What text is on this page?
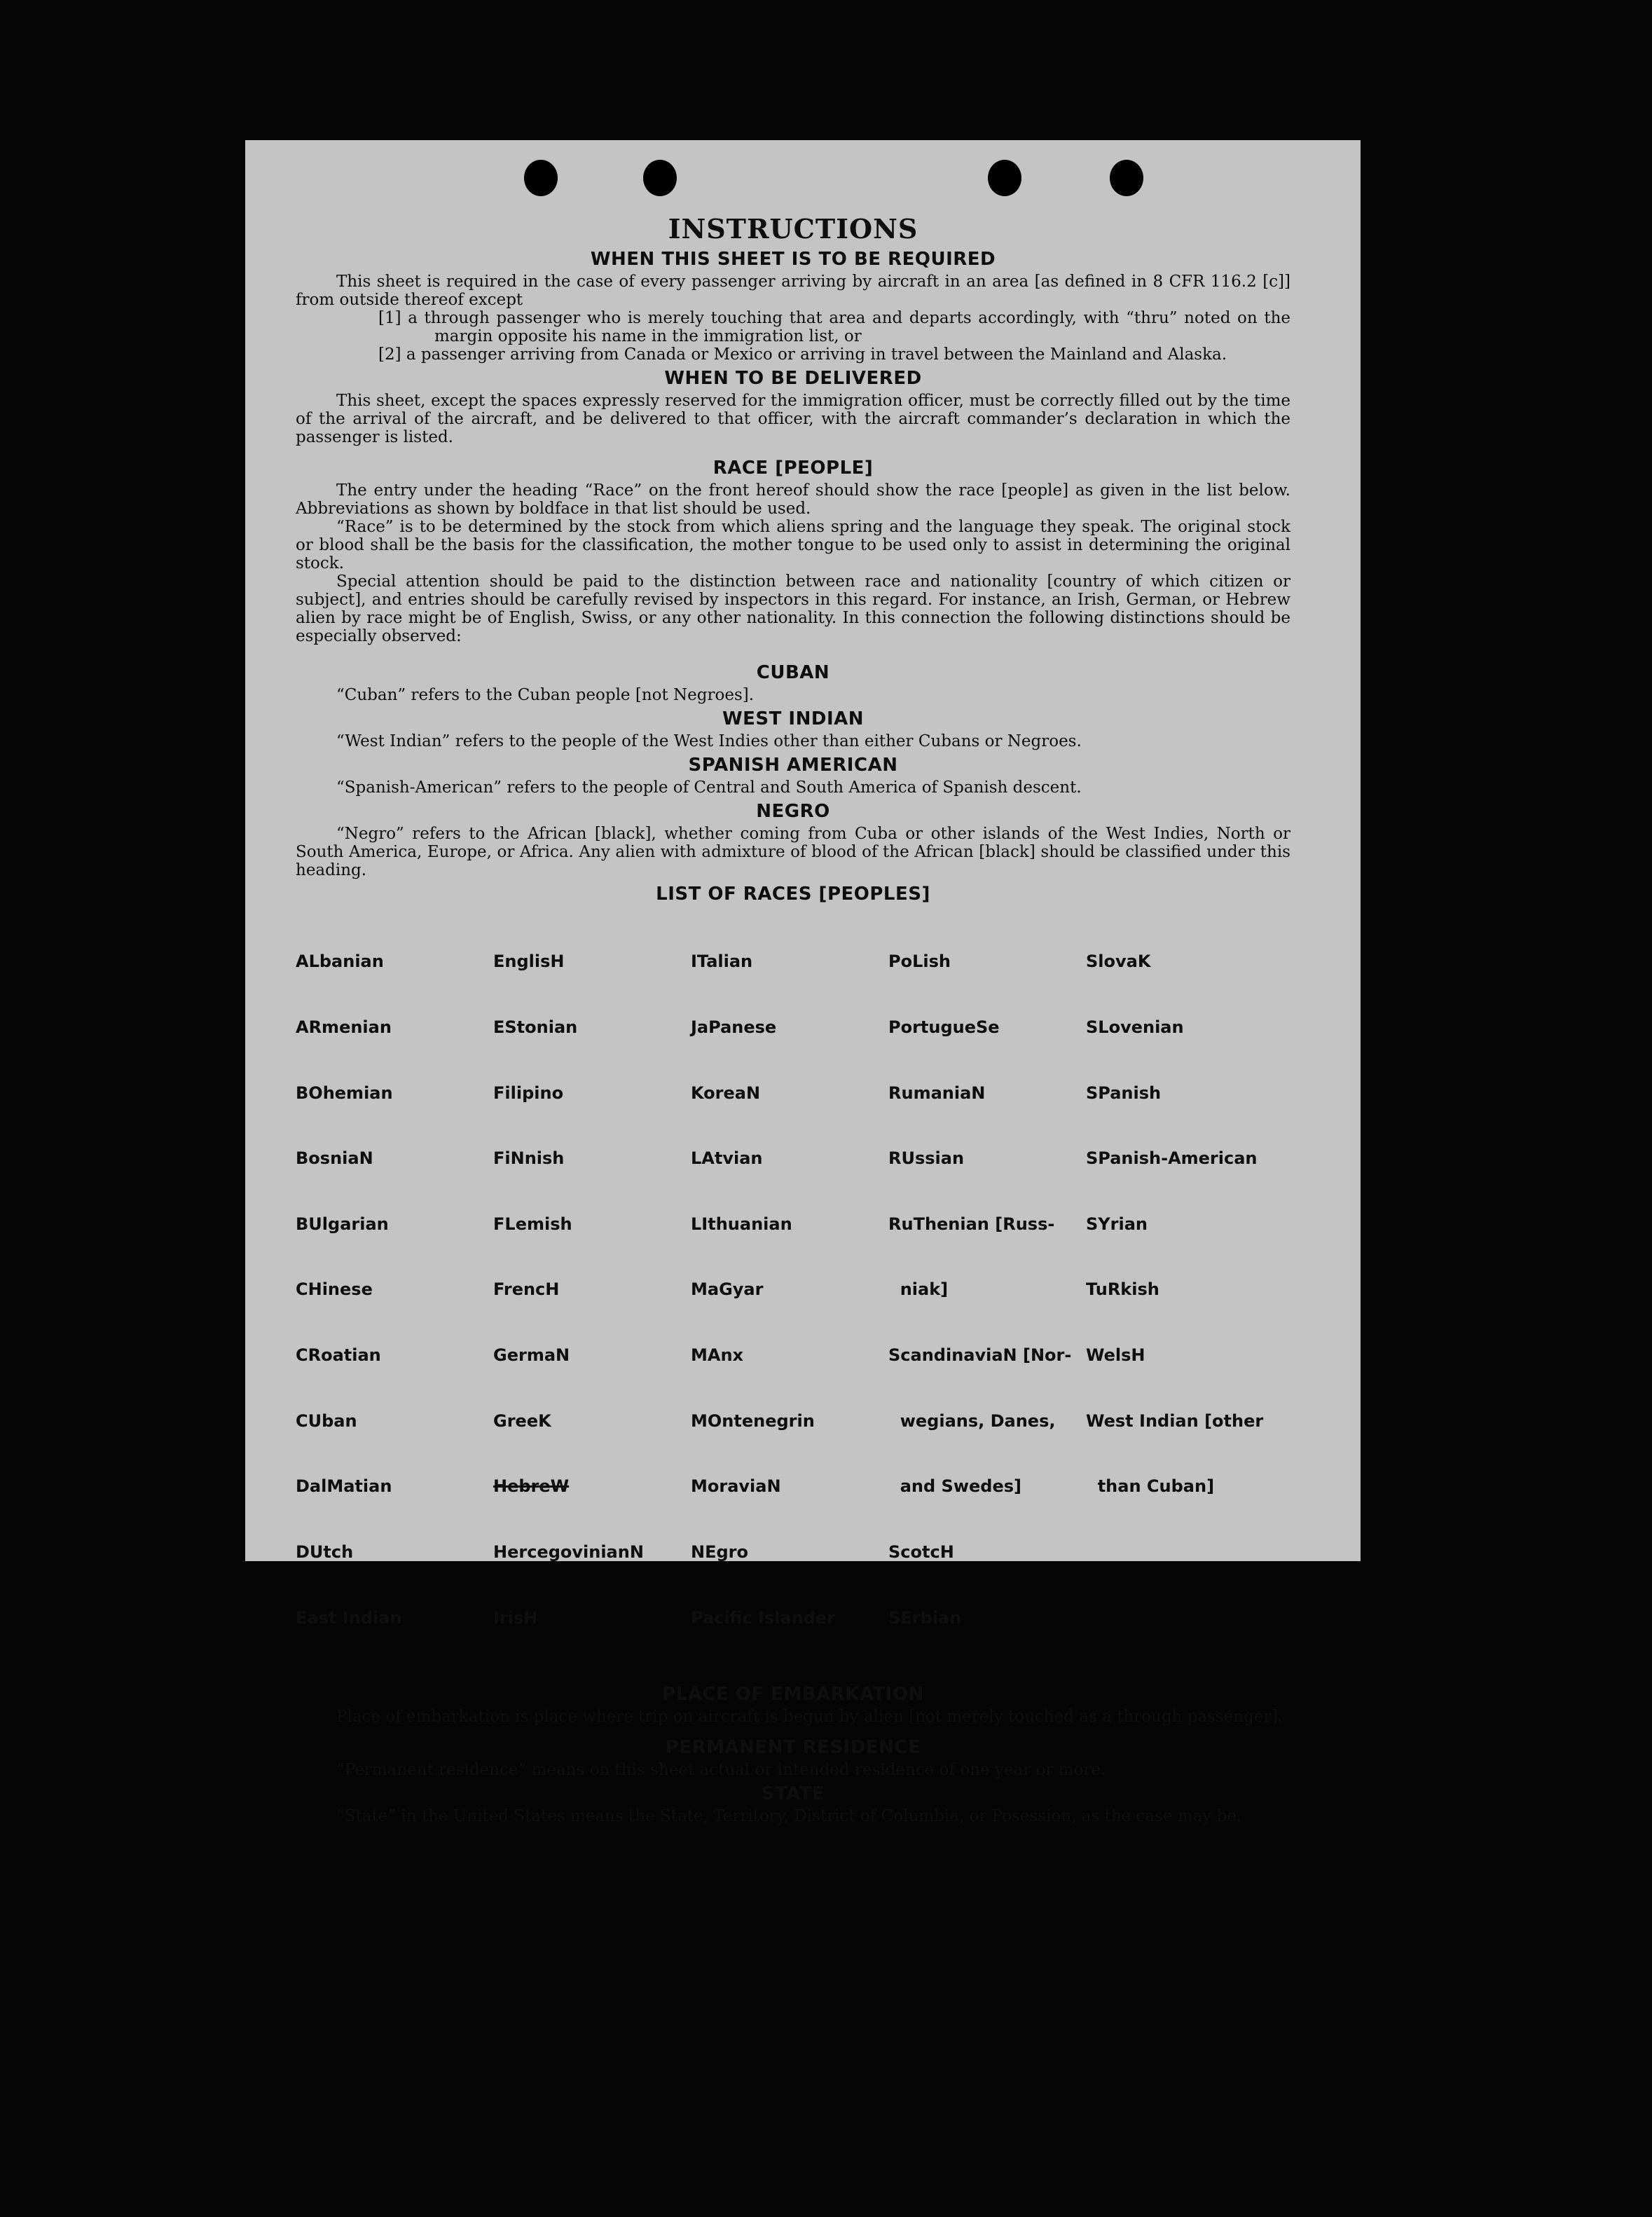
INSTRUCTIONS
WHEN THIS SHEET IS TO BE REQUIRED

This sheet is required in the case of every passenger arriving by aircraft in an area [as defined in 8 CFR 116.2 [c]] from outside thereof except

[1] a through passenger who is merely touching that area and departs accordingly, with “thru” noted on the margin opposite his name in the immigration list, or

[2] a passenger arriving from Canada or Mexico or arriving in travel between the Mainland and Alaska.

WHEN TO BE DELIVERED

This sheet, except the spaces expressly reserved for the immigration officer, must be correctly filled out by the time of the arrival of the aircraft, and be delivered to that officer, with the aircraft commander’s declaration in which the passenger is listed.

RACE [PEOPLE]

The entry under the heading “Race” on the front hereof should show the race [people] as given in the list below. Abbreviations as shown by boldface in that list should be used.

“Race” is to be determined by the stock from which aliens spring and the language they speak. The original stock or blood shall be the basis for the classification, the mother tongue to be used only to assist in determining the original stock.

Special attention should be paid to the distinction between race and nationality [country of which citizen or subject], and entries should be carefully revised by inspectors in this regard. For instance, an Irish, German, or Hebrew alien by race might be of English, Swiss, or any other nationality. In this connection the following distinctions should be especially observed:

CUBAN

“Cuban” refers to the Cuban people [not Negroes].

WEST INDIAN

“West Indian” refers to the people of the West Indies other than either Cubans or Negroes.

SPANISH AMERICAN

“Spanish-American” refers to the people of Central and South America of Spanish descent.

NEGRO

“Negro” refers to the African [black], whether coming from Cuba or other islands of the West Indies, North or South America, Europe, or Africa. Any alien with admixture of blood of the African [black] should be classified under this heading.

LIST OF RACES [PEOPLES]

ALbanian

ARmenian

BOhemian

BosniaN

BUlgarian

CHinese

CRoatian

CUban

DalMatian

DUtch

East Indian

EnglisH

EStonian

Filipino

FiNnish

FLemish

FrencH

GermaN

GreeK

HebreW

HercegovinianN

IrisH

ITalian

JaPanese

KoreaN

LAtvian

LIthuanian

MaGyar

MAnx

MOntenegrin

MoraviaN

NEgro

Pacific Islander

PoLish

PortugueSe

RumaniaN

RUssian

RuThenian [Russ-

niak]

ScandinaviaN [Nor-

wegians, Danes,

and Swedes]

ScotcH

SErbian

SlovaK

SLovenian

SPanish

SPanish-American

SYrian

TuRkish

WelsH

West Indian [other

than Cuban]

PLACE OF EMBARKATION

Place of embarkation is place where trip on aircraft is begun by alien [not merely touched as a through passenger].

PERMANENT RESIDENCE

“Permanent residence” means on this sheet actual or intended residence of one year or more.

STATE

“State” in the United States means the State, Territory, District of Columbia, or Posession, as the case may be.
